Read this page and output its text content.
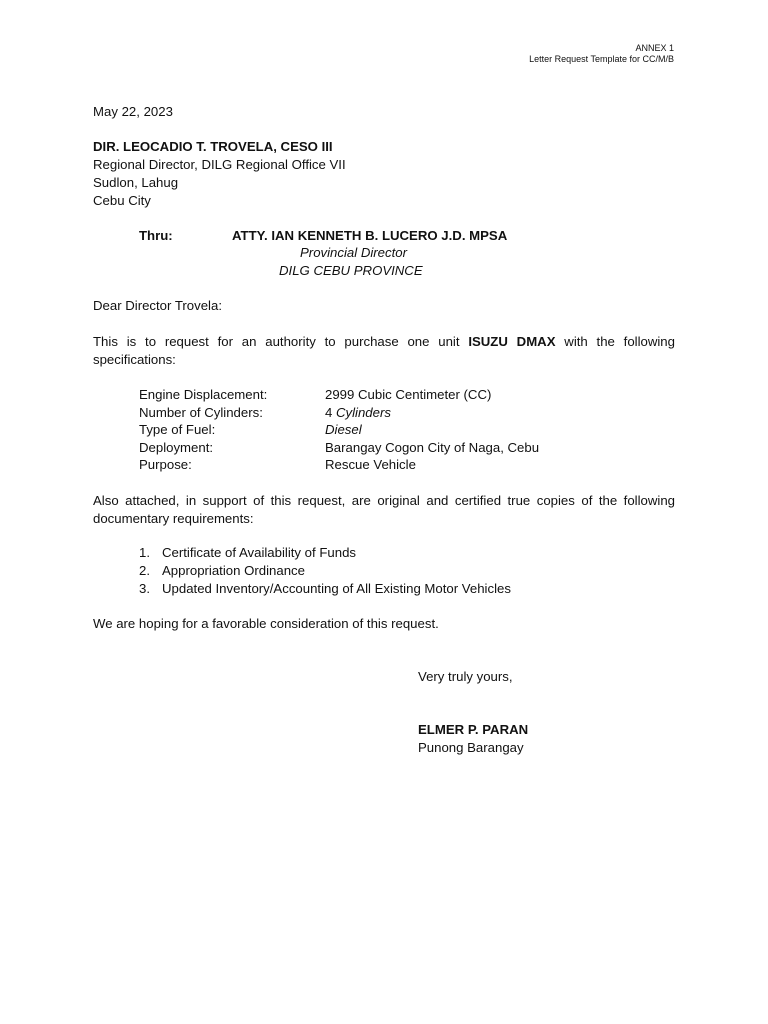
ANNEX 1
Letter Request Template for CC/M/B
May 22, 2023
DIR. LEOCADIO T. TROVELA, CESO III
Regional Director, DILG Regional Office VII
Sudlon, Lahug
Cebu City
Thru:	ATTY. IAN KENNETH B. LUCERO J.D. MPSA
Provincial Director
DILG CEBU PROVINCE
Dear Director Trovela:
This is to request for an authority to purchase one unit ISUZU DMAX with the following specifications:
Engine Displacement:	2999 Cubic Centimeter (CC)
Number of Cylinders:	4 Cylinders
Type of Fuel:	Diesel
Deployment:	Barangay Cogon City of Naga, Cebu
Purpose:	Rescue Vehicle
Also attached, in support of this request, are original and certified true copies of the following documentary requirements:
1. Certificate of Availability of Funds
2. Appropriation Ordinance
3. Updated Inventory/Accounting of All Existing Motor Vehicles
We are hoping for a favorable consideration of this request.
Very truly yours,
ELMER P. PARAN
Punong Barangay
